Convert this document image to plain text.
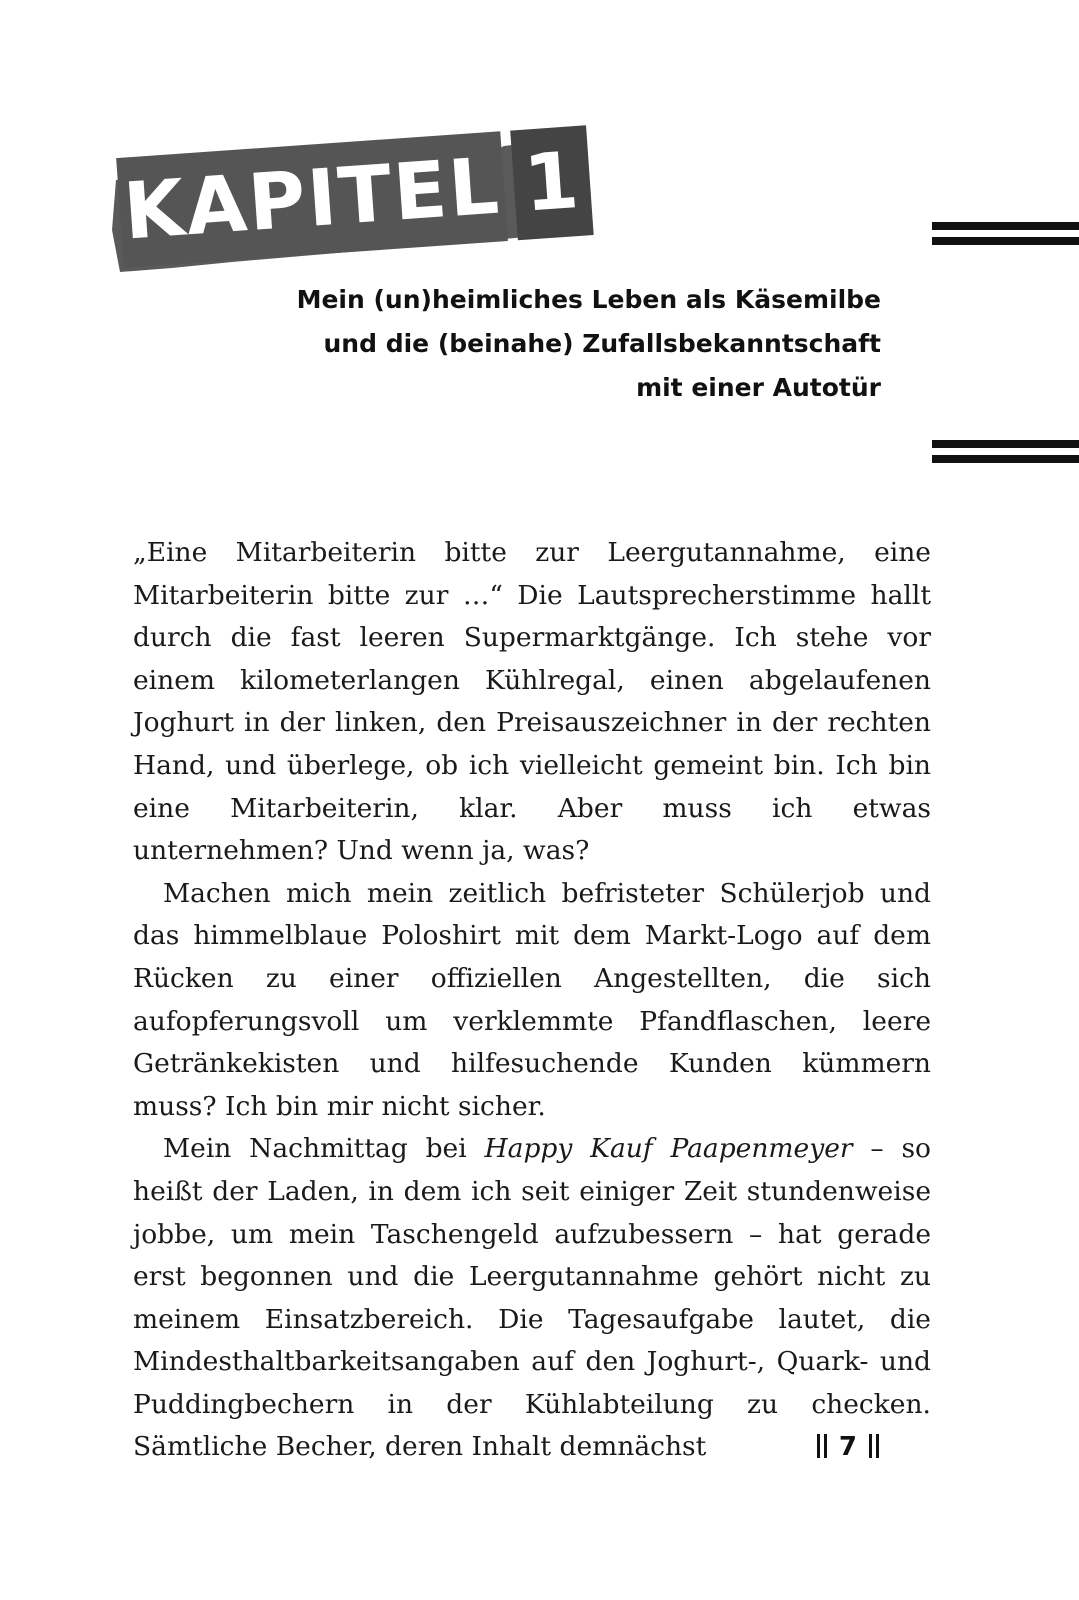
KAPITEL 1
Mein (un)heimliches Leben als Käsemilbe
und die (beinahe) Zufallsbekanntschaft
mit einer Autotür

„Eine Mitarbeiterin bitte zur Leergutannahme, eine Mitarbeiterin bitte zur …“ Die Lautsprecherstimme hallt durch die fast leeren Supermarktgänge. Ich stehe vor einem kilometerlangen Kühlregal, einen abgelaufenen Joghurt in der linken, den Preisauszeichner in der rechten Hand, und überlege, ob ich vielleicht gemeint bin. Ich bin eine Mitarbeiterin, klar. Aber muss ich etwas unternehmen? Und wenn ja, was?

Machen mich mein zeitlich befristeter Schülerjob und das himmelblaue Poloshirt mit dem Markt-Logo auf dem Rücken zu einer offiziellen Angestellten, die sich aufopferungsvoll um verklemmte Pfandflaschen, leere Getränkekisten und hilfesuchende Kunden kümmern muss? Ich bin mir nicht sicher.

Mein Nachmittag bei Happy Kauf Paapenmeyer – so heißt der Laden, in dem ich seit einiger Zeit stundenweise jobbe, um mein Taschengeld aufzubessern – hat gerade erst begonnen und die Leergutannahme gehört nicht zu meinem Einsatzbereich. Die Tagesaufgabe lautet, die Mindesthaltbarkeitsangaben auf den Joghurt-, Quark- und Puddingbechern in der Kühlabteilung zu checken. Sämtliche Becher, deren Inhalt demnächst	7
